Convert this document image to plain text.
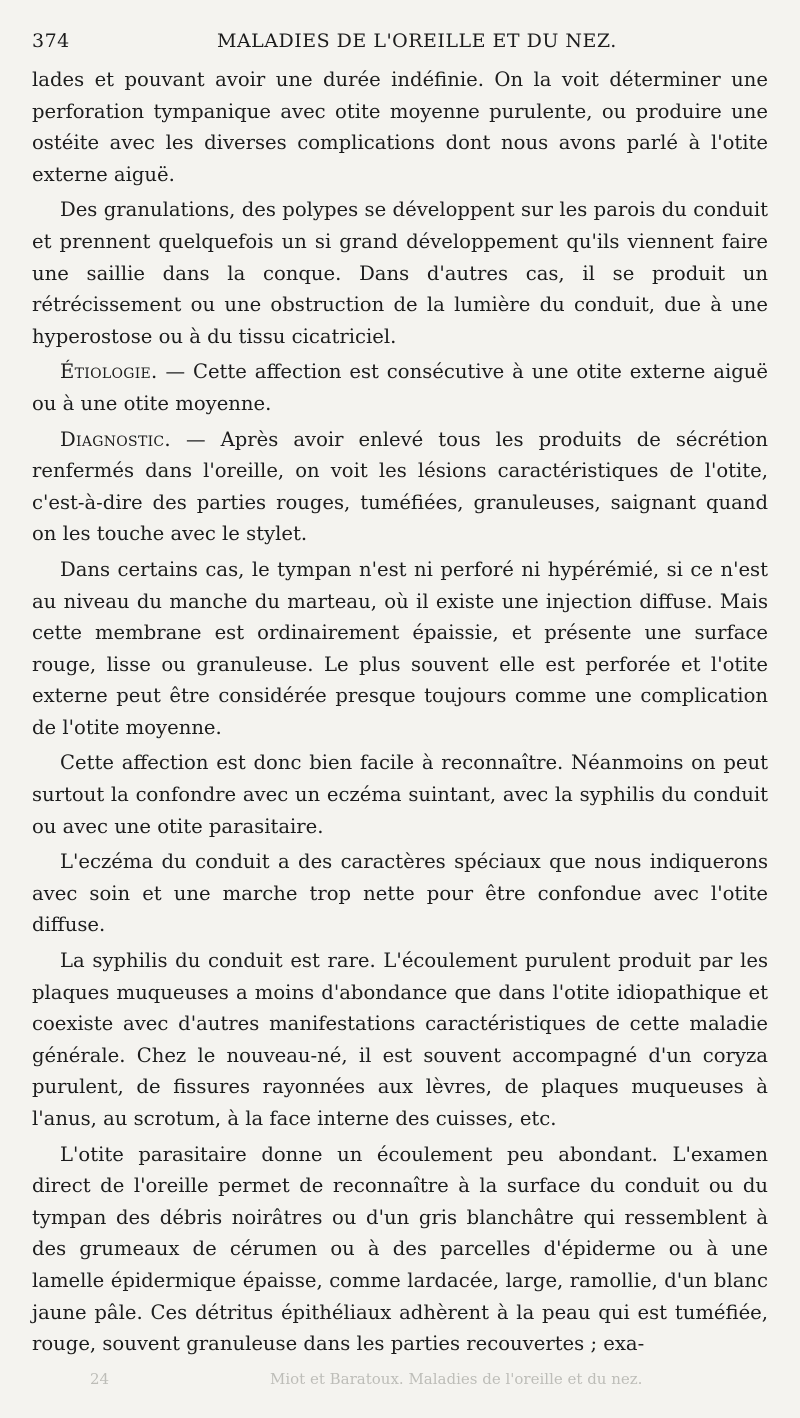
374	MALADIES DE L'OREILLE ET DU NEZ.

lades et pouvant avoir une durée indéfinie. On la voit déterminer une perforation tympanique avec otite moyenne purulente, ou produire une ostéite avec les diverses complications dont nous avons parlé à l'otite externe aiguë.

Des granulations, des polypes se développent sur les parois du conduit et prennent quelquefois un si grand développement qu'ils viennent faire une saillie dans la conque. Dans d'autres cas, il se produit un rétrécissement ou une obstruction de la lumière du conduit, due à une hyperostose ou à du tissu cicatriciel.

Étiologie. — Cette affection est consécutive à une otite externe aiguë ou à une otite moyenne.

Diagnostic. — Après avoir enlevé tous les produits de sécrétion renfermés dans l'oreille, on voit les lésions caractéristiques de l'otite, c'est-à-dire des parties rouges, tuméfiées, granuleuses, saignant quand on les touche avec le stylet.

Dans certains cas, le tympan n'est ni perforé ni hypérémié, si ce n'est au niveau du manche du marteau, où il existe une injection diffuse. Mais cette membrane est ordinairement épaissie, et présente une surface rouge, lisse ou granuleuse. Le plus souvent elle est perforée et l'otite externe peut être considérée presque toujours comme une complication de l'otite moyenne.

Cette affection est donc bien facile à reconnaître. Néanmoins on peut surtout la confondre avec un eczéma suintant, avec la syphilis du conduit ou avec une otite parasitaire.

L'eczéma du conduit a des caractères spéciaux que nous indiquerons avec soin et une marche trop nette pour être confondue avec l'otite diffuse.

La syphilis du conduit est rare. L'écoulement purulent produit par les plaques muqueuses a moins d'abondance que dans l'otite idiopathique et coexiste avec d'autres manifestations caractéristiques de cette maladie générale. Chez le nouveau-né, il est souvent accompagné d'un coryza purulent, de fissures rayonnées aux lèvres, de plaques muqueuses à l'anus, au scrotum, à la face interne des cuisses, etc.

L'otite parasitaire donne un écoulement peu abondant. L'examen direct de l'oreille permet de reconnaître à la surface du conduit ou du tympan des débris noirâtres ou d'un gris blanchâtre qui ressemblent à des grumeaux de cérumen ou à des parcelles d'épiderme ou à une lamelle épidermique épaisse, comme lardacée, large, ramollie, d'un blanc jaune pâle. Ces détritus épithéliaux adhèrent à la peau qui est tuméfiée, rouge, souvent granuleuse dans les parties recouvertes ; exa-

24	Miot et Baratoux. Maladies de l'oreille et du nez.
